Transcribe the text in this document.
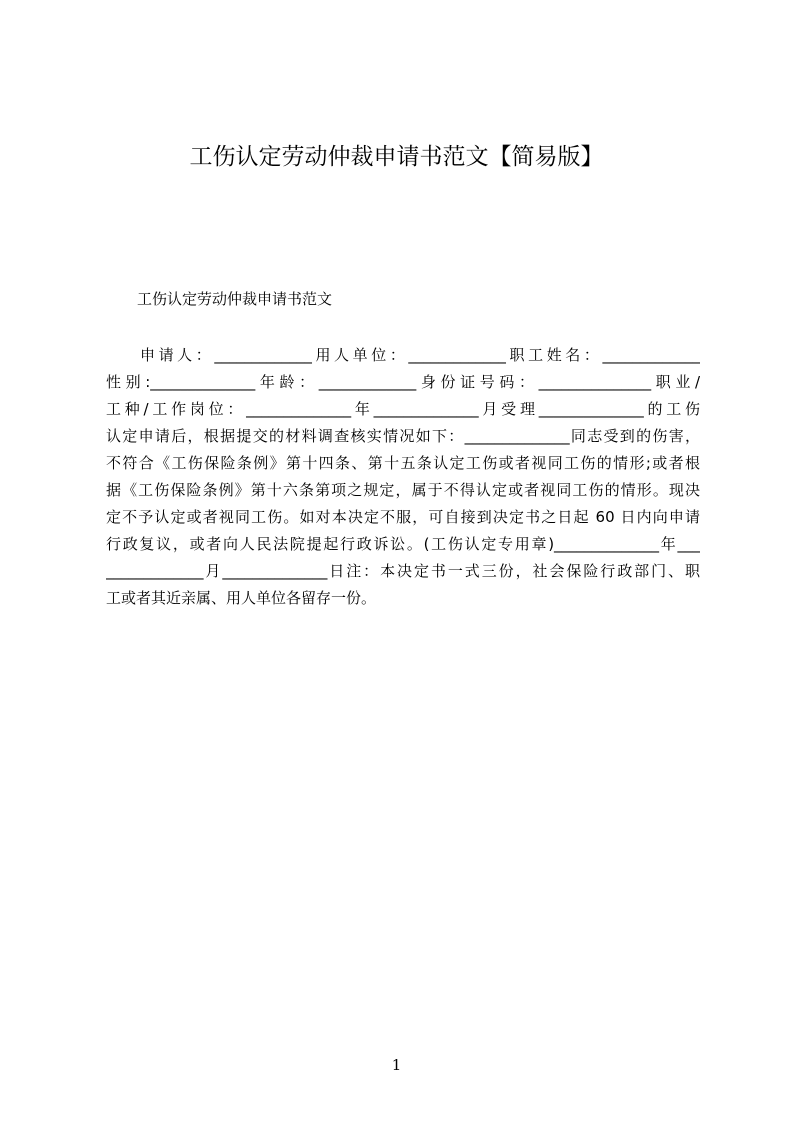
工伤认定劳动仲裁申请书范文【简易版】
工伤认定劳动仲裁申请书范文
申请人：_____________用人单位：_____________职工姓名：_____________
性别:______________年龄：_____________身份证号码：_______________职业/
工种/工作岗位：______________年______________月受理______________的工伤
认定申请后，根据提交的材料调查核实情况如下：______________同志受到的伤害，
不符合《工伤保险条例》第十四条、第十五条认定工伤或者视同工伤的情形;或者根
据《工伤保险条例》第十六条第项之规定，属于不得认定或者视同工伤的情形。现决
定不予认定或者视同工伤。如对本决定不服，可自接到决定书之日起 60 日内向申请
行政复议，或者向人民法院提起行政诉讼。(工伤认定专用章)______________年___
_____________月______________日注：本决定书一式三份，社会保险行政部门、职
工或者其近亲属、用人单位各留存一份。
1
